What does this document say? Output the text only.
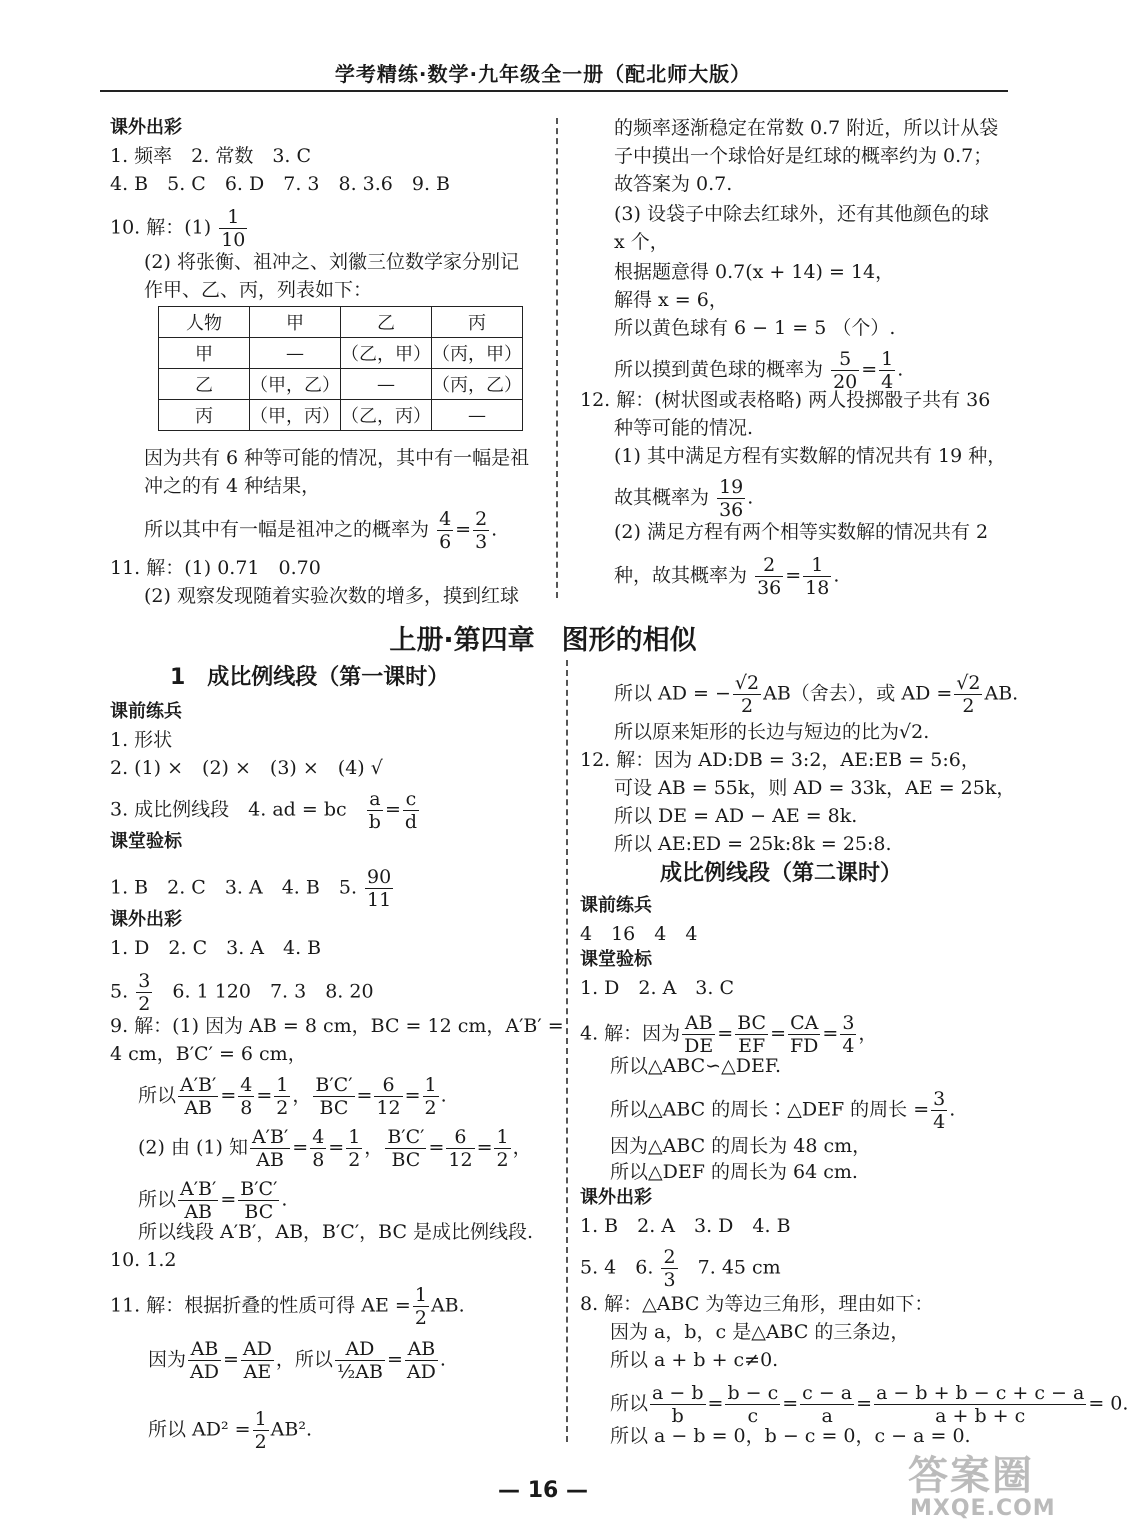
学考精练·数学·九年级全一册（配北师大版）
课外出彩
1. 频率　2. 常数　3. C
4. B　5. C　6. D　7. 3　8. 3.6　9. B
10. 解：$(1) \frac{1}{10}$
(2) 将张衡、祖冲之、刘徽三位数学家分别记
作甲、乙、丙，列表如下：
因为共有 6 种等可能的情况，其中有一幅是祖
冲之的有 4 种结果，
所以其中有一幅是祖冲之的概率为 $\frac{4}{6} = \frac{2}{3}$ .
11. 解：(1) 0.71　0.70
(2) 观察发现随着实验次数的增多，摸到红球
人物	甲	乙	丙
甲	—	（乙，甲）	（丙，甲）
乙	（甲，乙）	—	（丙，乙）
丙	（甲，丙）	（乙，丙）	—
的频率逐渐稳定在常数 0.7 附近，所以计从袋
子中摸出一个球恰好是红球的概率约为 0.7；
故答案为 0.7.
(3) 设袋子中除去红球外，还有其他颜色的球
x 个，
根据题意得 0.7(x + 14) = 14，
解得 x = 6，
所以黄色球有 6 − 1 = 5 （个）.
所以摸到黄色球的概率为 $\frac{5}{20} = \frac{1}{4}$ .
12. 解：(树状图或表格略) 两人投掷骰子共有 36
种等可能的情况.
(1) 其中满足方程有实数解的情况共有 19 种，
故其概率为 $\frac{19}{36}$ .
(2) 满足方程有两个相等实数解的情况共有 2
种，故其概率为 $\frac{2}{36} = \frac{1}{18}$ .
上册·第四章　图形的相似
1　成比例线段（第一课时）
课前练兵
1. 形状
2. (1) ×　(2) ×　(3) ×　(4) √
3. 成比例线段　4. ad = bc $\frac{a}{b} = \frac{c}{d}$
课堂验标
1. B　2. C　3. A　4. B　5. $\frac{90}{11}$
课外出彩
1. D　2. C　3. A　4. B
5. $\frac{3}{2} 6$. 1 120　7. 3　8. 20
9. 解：(1) 因为 AB = 8 cm，BC = 12 cm，A′B′ =
4 cm，B′C′ = 6 cm，
所以 $\frac{A'B'}{AB} = \frac{4}{8} = \frac{1}{2}$ ， $\frac{B'C'}{BC} = \frac{6}{12} = \frac{1}{2}$ .
(2) 由 (1) 知 $\frac{A'B'}{AB} = \frac{4}{8} = \frac{1}{2}$ ， $\frac{B'C'}{BC} = \frac{6}{12} = \frac{1}{2}$ ，
所以 $\frac{A'B'}{AB} = \frac{B'C'}{BC}$ .
所以线段 A′B′，AB，B′C′，BC 是成比例线段.
10. 1.2
11. 解：根据折叠的性质可得 AE = $\frac{1}{2}$ AB.
因为 $\frac{AB}{AD} = \frac{AD}{AE}$ ，所以 $\frac{AD}{\text{½AB}} = \frac{AB}{AD}$ .
所以 $AD^2 = \frac{1}{2} AB^2$.
所以 AD = − $\frac{√2}{2} AB$（舍去），或 AD = $\frac{√2}{2}$ AB.
所以原来矩形的长边与短边的比为√2.
12. 解：因为 AD:DB = 3:2，AE:EB = 5:6，
可设 AB = 55k，则 AD = 33k，AE = 25k，
所以 DE = AD − AE = 8k.
所以 AE:ED = 25k:8k = 25:8.
成比例线段（第二课时）
课前练兵
4　16　4　4
课堂验标
1. D　2. A　3. C
4. 解：因为 $\frac{AB}{DE} = \frac{BC}{EF} = \frac{CA}{FD} = \frac{3}{4}$ ，
所以△ABC∽△DEF.
所以△ABC 的周长∶△DEF 的周长 = $\frac{3}{4}$ .
因为△ABC 的周长为 48 cm，
所以△DEF 的周长为 64 cm.
课外出彩
1. B　2. A　3. D　4. B
5. 4　6. $\frac{2}{3} 7$. 45 cm
8. 解：△ABC 为等边三角形，理由如下：
因为 a，b，c 是△ABC 的三条边，
所以 a + b + c≠0.
所以 $\frac{a - b}{b} = \frac{b - c}{c} = \frac{c - a}{a} = \frac{a - b + b - c + c - a}{a + b + c} = 0$.
所以 a − b = 0，b − c = 0，c − a = 0.
— 16 —	答案圈
MXQE.COM
